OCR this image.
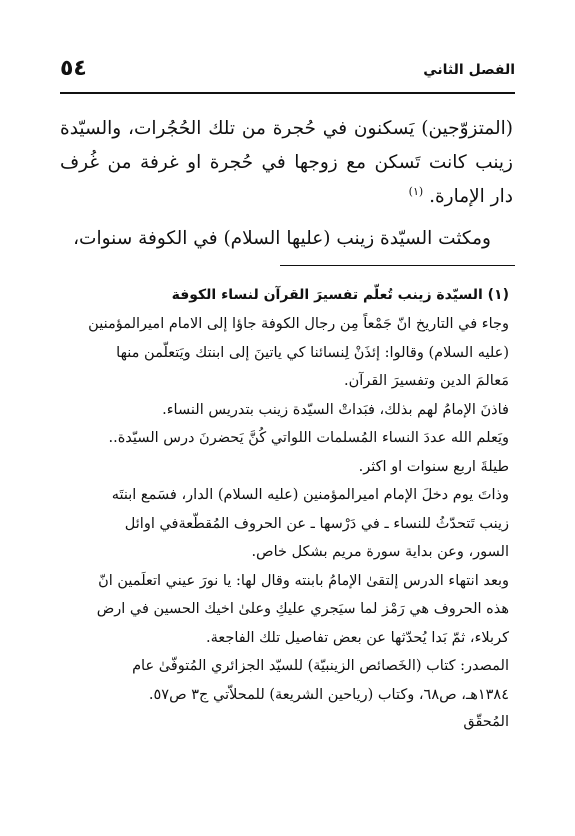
الفصل الثاني
٥٤

(المتزوّجين) يَسكنون في حُجرة من تلك الحُجُرات، والسيّدة زينب كانت تَسكن مع زوجها في حُجرة او غرفة من غُرف دار الإمارة. $^{(١)}$

ومكثت السيّدة زينب (عليها السلام) في الكوفة سنوات،

(١) السيّدة زينب تُعلّم تفسيرَ القرآن لنساء الكوفة

وجاء في التاريخ انّ جَمْعاً مِن رجال الكوفة جاؤا إلى الامام اميرالمؤمنين

(عليه السلام) وقالوا: إئذَنْ لِنسائنا كي ياتينَ إلى ابنتك ويَتعلّمن منها

مَعالمَ الدين وتفسيرَ القرآن.

فاذنَ الإمامُ لهم بذلك، فبَداتْ السيّدة زينب بتدريس النساء.

ويَعلم الله عددَ النساء المُسلمات اللواتي كُنَّ يَحضرنَ درس السيّدة..

طيلةَ اربع سنوات او اكثر.

وذاتَ يوم دخلَ الإمام اميرالمؤمنين (عليه السلام) الدار، فسَمع ابنتَه

زينب تَتحدّثُ للنساء ـ في دَرْسها ـ عن الحروف المُقطّعةفي اوائل

السور، وعن بداية سورة مريم بشكل خاص.

وبعد انتهاء الدرس إلتقىٰ الإمامُ بابنته وقال لها: يا نورَ عيني اتعلَمين انّ

هذه الحروف هي رَمْز لما سيَجري عليكِ وعلىٰ اخيك الحسين في ارض

كربلاء، ثمّ بَدا يُحدّثها عن بعض تفاصيل تلك الفاجعة.

المصدر: كتاب (الخَصائص الزينبيّة) للسيّد الجزائري المُتوفّىٰ عام

١٣٨٤هـ، ص٦٨، وكتاب (رياحين الشريعة) للمحلاّتي ج٣ ص٥٧.

المُحقّق
